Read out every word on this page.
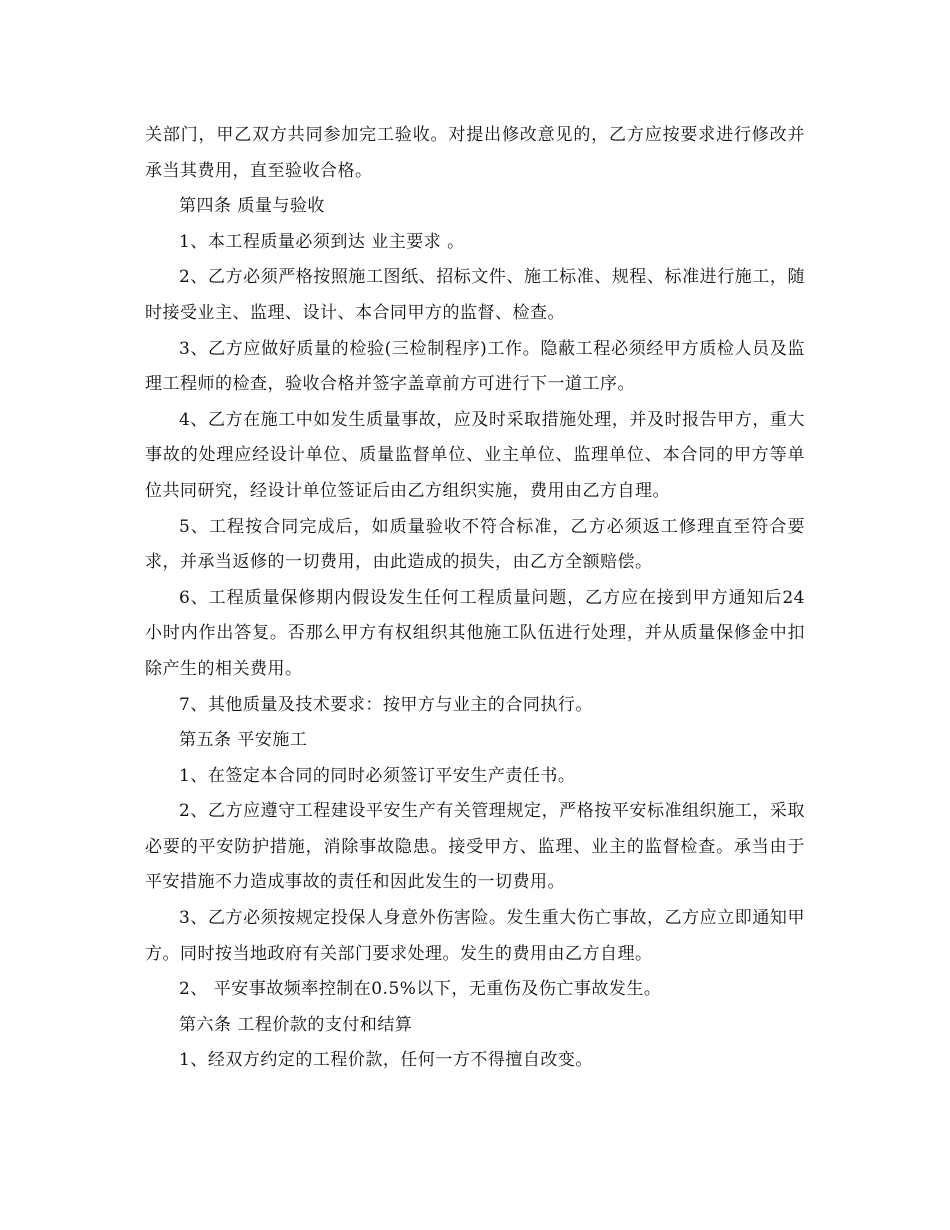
关部门，甲乙双方共同参加完工验收。对提出修改意见的，乙方应按要求进行修改并承当其费用，直至验收合格。

第四条 质量与验收

1、本工程质量必须到达 业主要求 。

2、乙方必须严格按照施工图纸、招标文件、施工标准、规程、标准进行施工，随时接受业主、监理、设计、本合同甲方的监督、检查。

3、乙方应做好质量的检验(三检制程序)工作。隐蔽工程必须经甲方质检人员及监理工程师的检查，验收合格并签字盖章前方可进行下一道工序。

4、乙方在施工中如发生质量事故，应及时采取措施处理，并及时报告甲方，重大事故的处理应经设计单位、质量监督单位、业主单位、监理单位、本合同的甲方等单位共同研究，经设计单位签证后由乙方组织实施，费用由乙方自理。

5、工程按合同完成后，如质量验收不符合标准，乙方必须返工修理直至符合要求，并承当返修的一切费用，由此造成的损失，由乙方全额赔偿。

6、工程质量保修期内假设发生任何工程质量问题，乙方应在接到甲方通知后24小时内作出答复。否那么甲方有权组织其他施工队伍进行处理，并从质量保修金中扣除产生的相关费用。

7、其他质量及技术要求：按甲方与业主的合同执行。

第五条 平安施工

1、在签定本合同的同时必须签订平安生产责任书。

2、乙方应遵守工程建设平安生产有关管理规定，严格按平安标准组织施工，采取必要的平安防护措施，消除事故隐患。接受甲方、监理、业主的监督检查。承当由于平安措施不力造成事故的责任和因此发生的一切费用。

3、乙方必须按规定投保人身意外伤害险。发生重大伤亡事故，乙方应立即通知甲方。同时按当地政府有关部门要求处理。发生的费用由乙方自理。

2、 平安事故频率控制在0.5%以下，无重伤及伤亡事故发生。

第六条 工程价款的支付和结算

1、经双方约定的工程价款，任何一方不得擅自改变。
